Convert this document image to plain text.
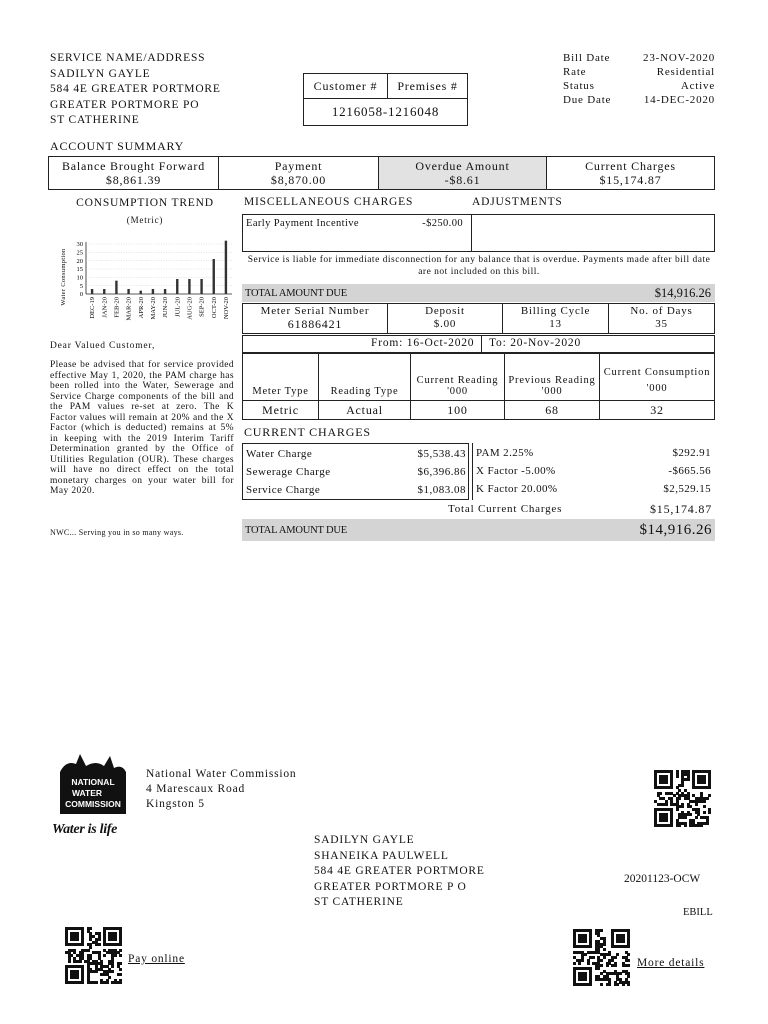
SERVICE NAME/ADDRESS
SADILYN GAYLE
584 4E GREATER PORTMORE
GREATER PORTMORE PO
ST CATHERINE
Customer #	Premises #
1216058-1216048
Bill Date	23-NOV-2020
Rate	Residential
Status	Active
Due Date	14-DEC-2020
ACCOUNT SUMMARY
Balance Brought Forward
$8,861.39
Payment
$8,870.00
Overdue Amount
-$8.61
Current Charges
$15,174.87
CONSUMPTION TREND
(Metric)
Water Consumption 0
5
10
15
20
25
30
DEC-19 JAN-20 FEB-20 MAR-20 APR-20 MAY-20 JUN-20 JUL-20 AUG-20 SEP-20 OCT-20 NOV-20
Dear Valued Customer,
Please be advised that for service provided effective May 1, 2020, the PAM charge has been rolled into the Water, Sewerage and Service Charge components of the bill and the PAM values re-set at zero. The K Factor values will remain at 20% and the X Factor (which is deducted) remains at 5% in keeping with the 2019 Interim Tariff Determination granted by the Office of Utilities Regulation (OUR). These charges will have no direct effect on the total monetary charges on your water bill for May 2020.
NWC... Serving you in so many ways.
MISCELLANEOUS CHARGES	ADJUSTMENTS
Early Payment Incentive	-$250.00
Service is liable for immediate disconnection for any balance that is overdue. Payments made after bill date are not included on this bill.
TOTAL AMOUNT DUE	$14,916.26
Meter Serial Number
61886421
Deposit
$.00
Billing Cycle
13
No. of Days
35
From: 16-Oct-2020 To: 20-Nov-2020
Meter Type	Reading Type	Current Reading '000	Previous Reading '000	Current Consumption '000
Metric	Actual	100	68	32
CURRENT CHARGES
Water Charge	$5,538.43
Sewerage Charge	$6,396.86
Service Charge	$1,083.08
PAM 2.25%	$292.91
X Factor -5.00%	-$665.56
K Factor 20.00%	$2,529.15
Total Current Charges	$15,174.87
TOTAL AMOUNT DUE	$14,916.26
NATIONAL
WATER
COMMISSION
Water is life
National Water Commission
4 Marescaux Road
Kingston 5
SADILYN GAYLE
SHANEIKA PAULWELL
584 4E GREATER PORTMORE
GREATER PORTMORE P O
ST CATHERINE
20201123-OCW
EBILL
Pay online	More details
